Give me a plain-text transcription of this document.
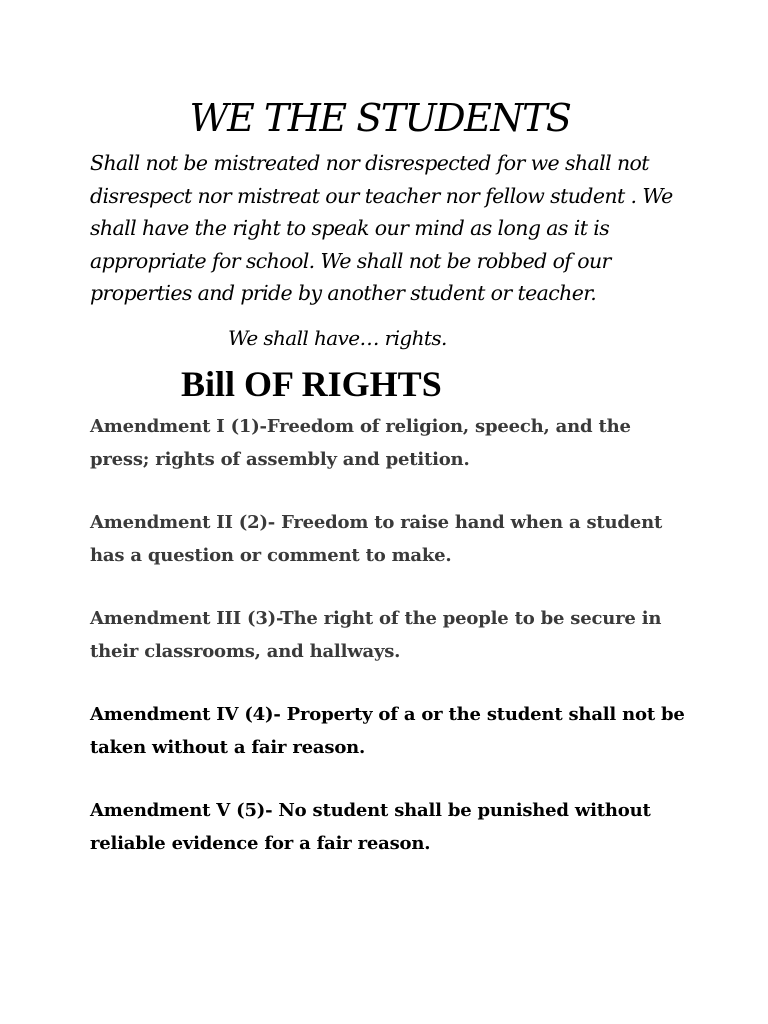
WE THE STUDENTS

Shall not be mistreated nor disrespected for we shall not disrespect nor mistreat our teacher nor fellow student . We shall have the right to speak our mind as long as it is appropriate for school. We shall not be robbed of our properties and pride by another student or teacher.

We shall have… rights.

Bill OF RIGHTS
Amendment I (1)-Freedom of religion, speech, and the press; rights of assembly and petition.
Amendment II (2)- Freedom to raise hand when a student has a question or comment to make.
Amendment III (3)-The right of the people to be secure in their classrooms, and hallways.
Amendment IV (4)- Property of a or the student shall not be taken without a fair reason.
Amendment V (5)- No student shall be punished without reliable evidence for a fair reason.
